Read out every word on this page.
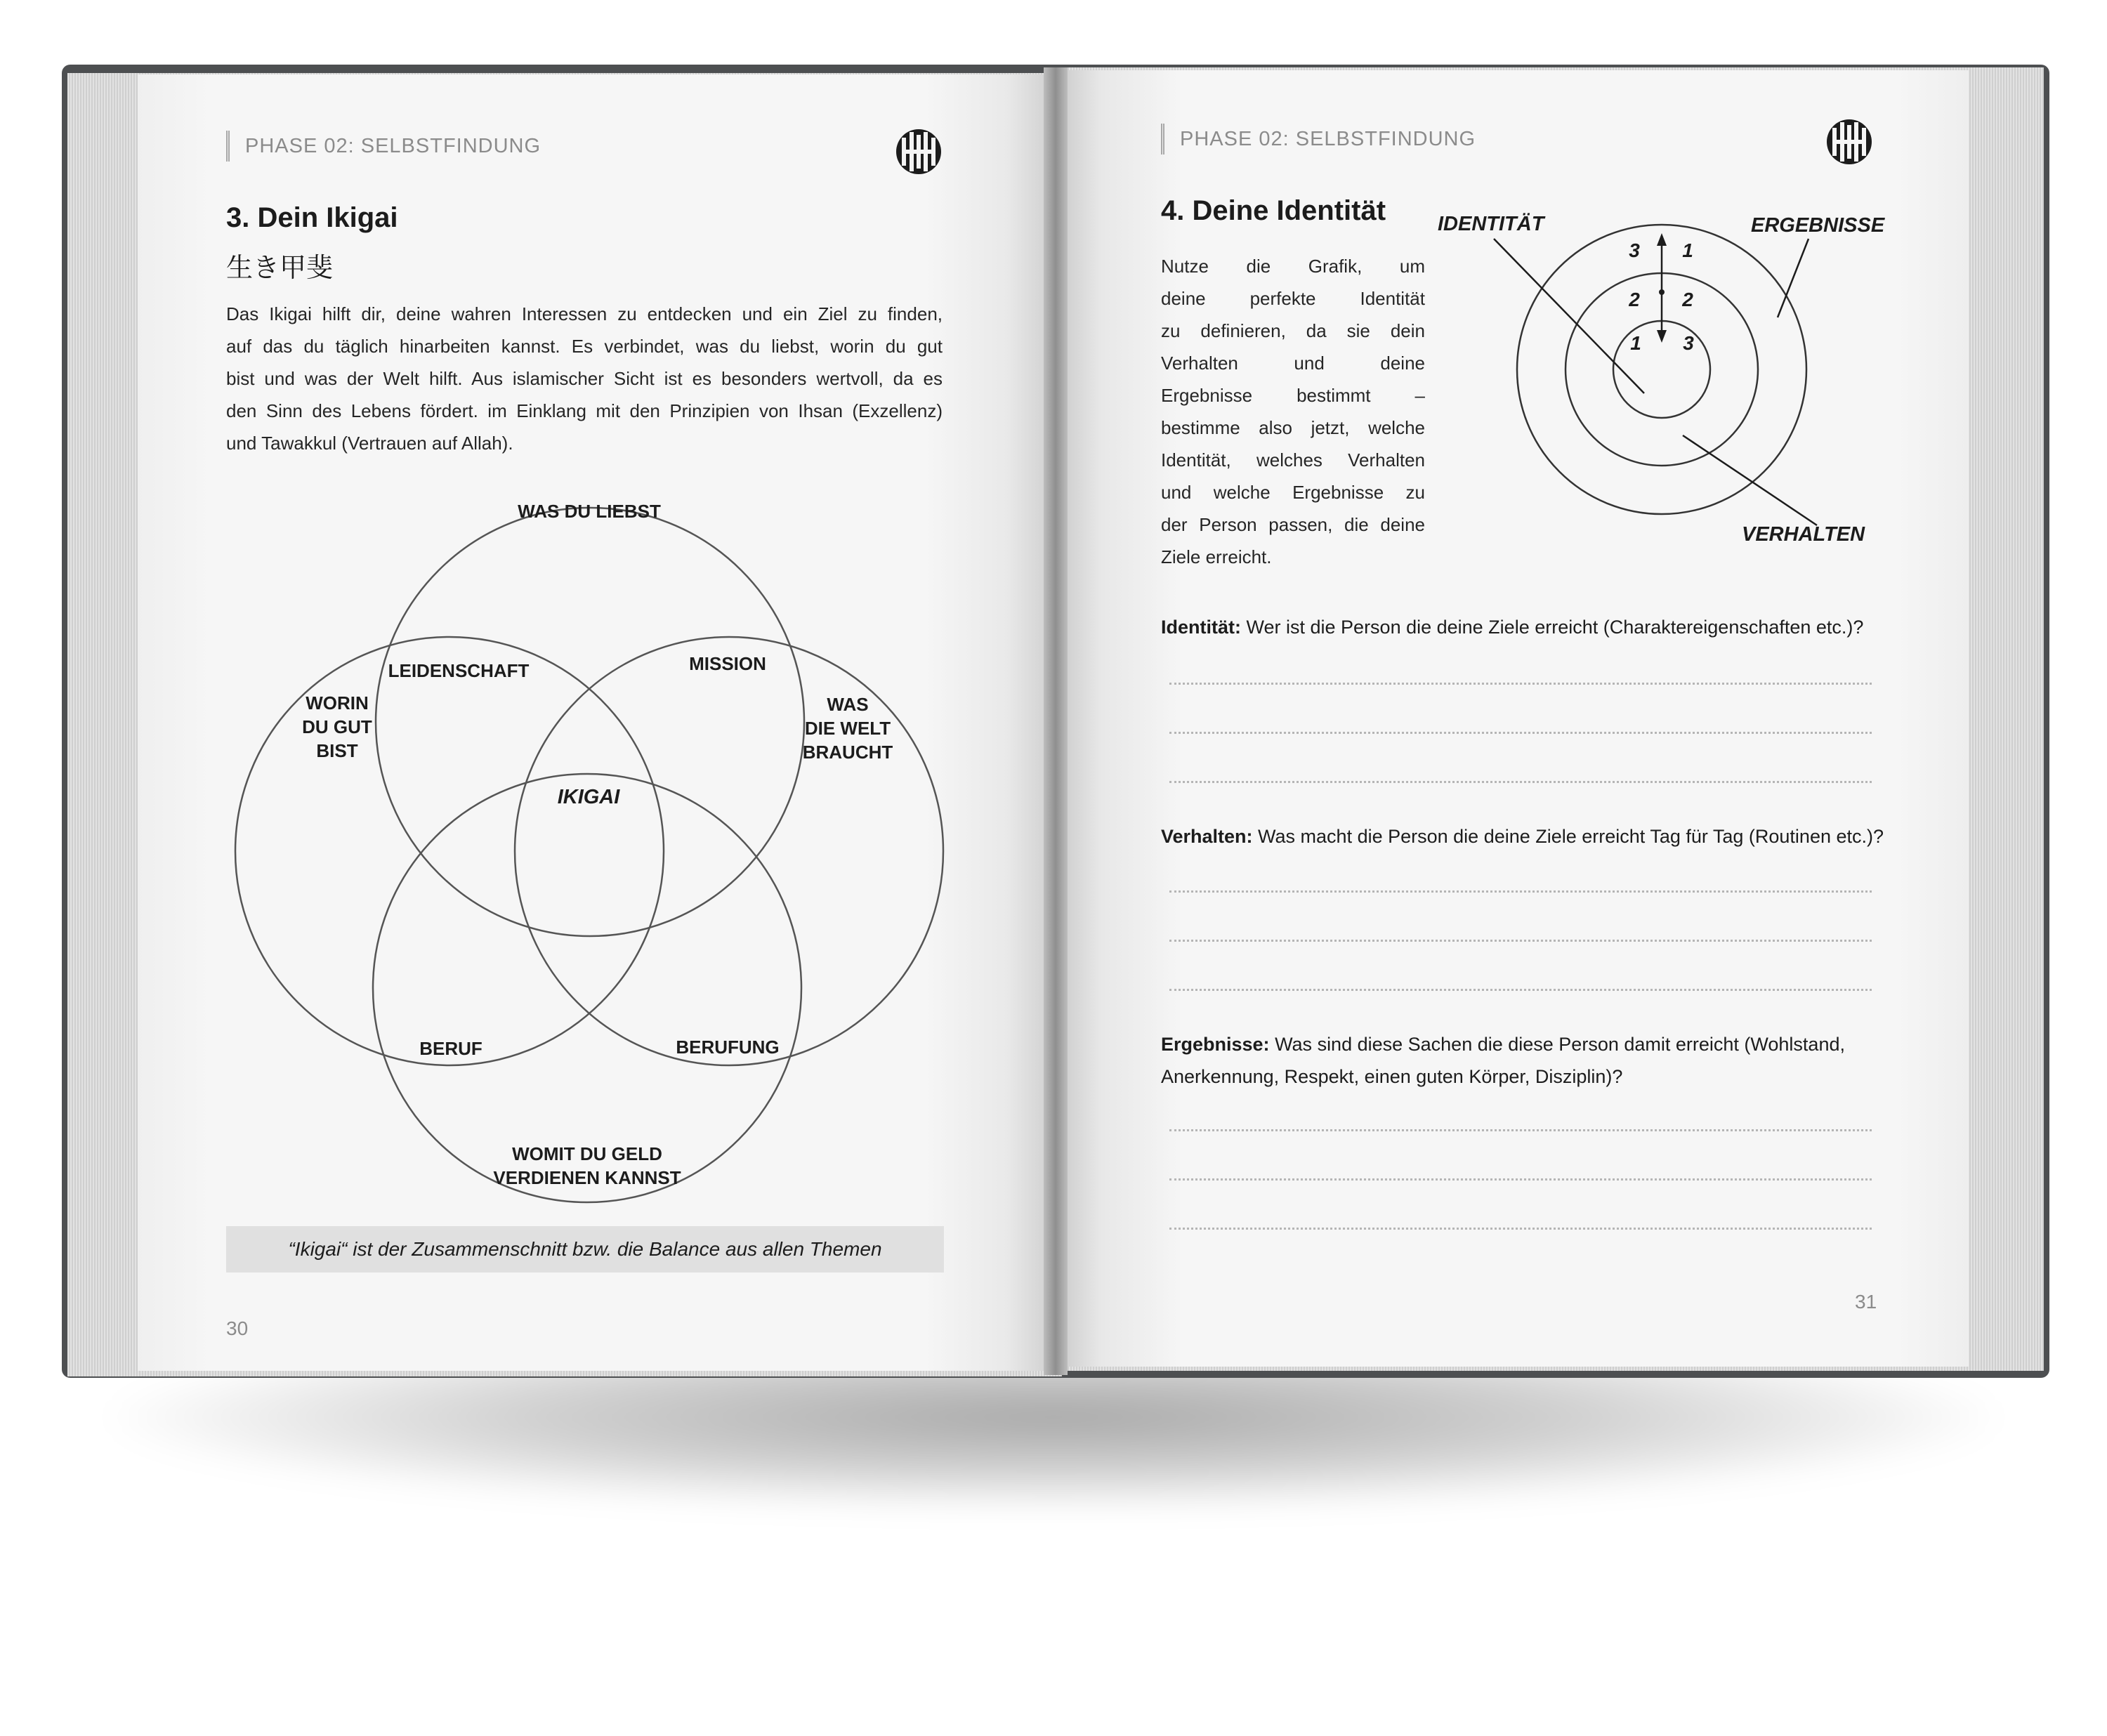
PHASE 02: SELBSTFINDUNG
3. Dein Ikigai
生き甲斐

Das Ikigai hilft dir, deine wahren Interessen zu entdecken und ein Ziel zu finden,

auf das du täglich hinarbeiten kannst. Es verbindet, was du liebst, worin du gut

bist und was der Welt hilft. Aus islamischer Sicht ist es besonders wertvoll, da es

den Sinn des Lebens fördert. im Einklang mit den Prinzipien von Ihsan (Exzellenz)

und Tawakkul (Vertrauen auf Allah).

WAS DU LIEBST
WORIN
DU GUT
BIST
WAS
DIE WELT
BRAUCHT
WOMIT DU GELD
VERDIENEN KANNST
LEIDENSCHAFT	MISSION
BERUF	BERUFUNG
IKIGAI
“Ikigai“ ist der Zusammenschnitt bzw. die Balance aus allen Themen
30
PHASE 02: SELBSTFINDUNG
4. Deine Identität

Nutze die Grafik, um

deine perfekte Identität

zu definieren, da sie dein

Verhalten und deine

Ergebnisse bestimmt –

bestimme also jetzt, welche

Identität, welches Verhalten

und welche Ergebnisse zu

der Person passen, die deine

Ziele erreicht.

3
2
1
1
2
3
IDENTITÄT	ERGEBNISSE
VERHALTEN

Identität: Wer ist die Person die deine Ziele erreicht (Charaktereigenschaften etc.)?

Verhalten: Was macht die Person die deine Ziele erreicht Tag für Tag (Routinen etc.)?

Ergebnisse: Was sind diese Sachen die diese Person damit erreicht (Wohlstand,
Anerkennung, Respekt, einen guten Körper, Disziplin)?

31
